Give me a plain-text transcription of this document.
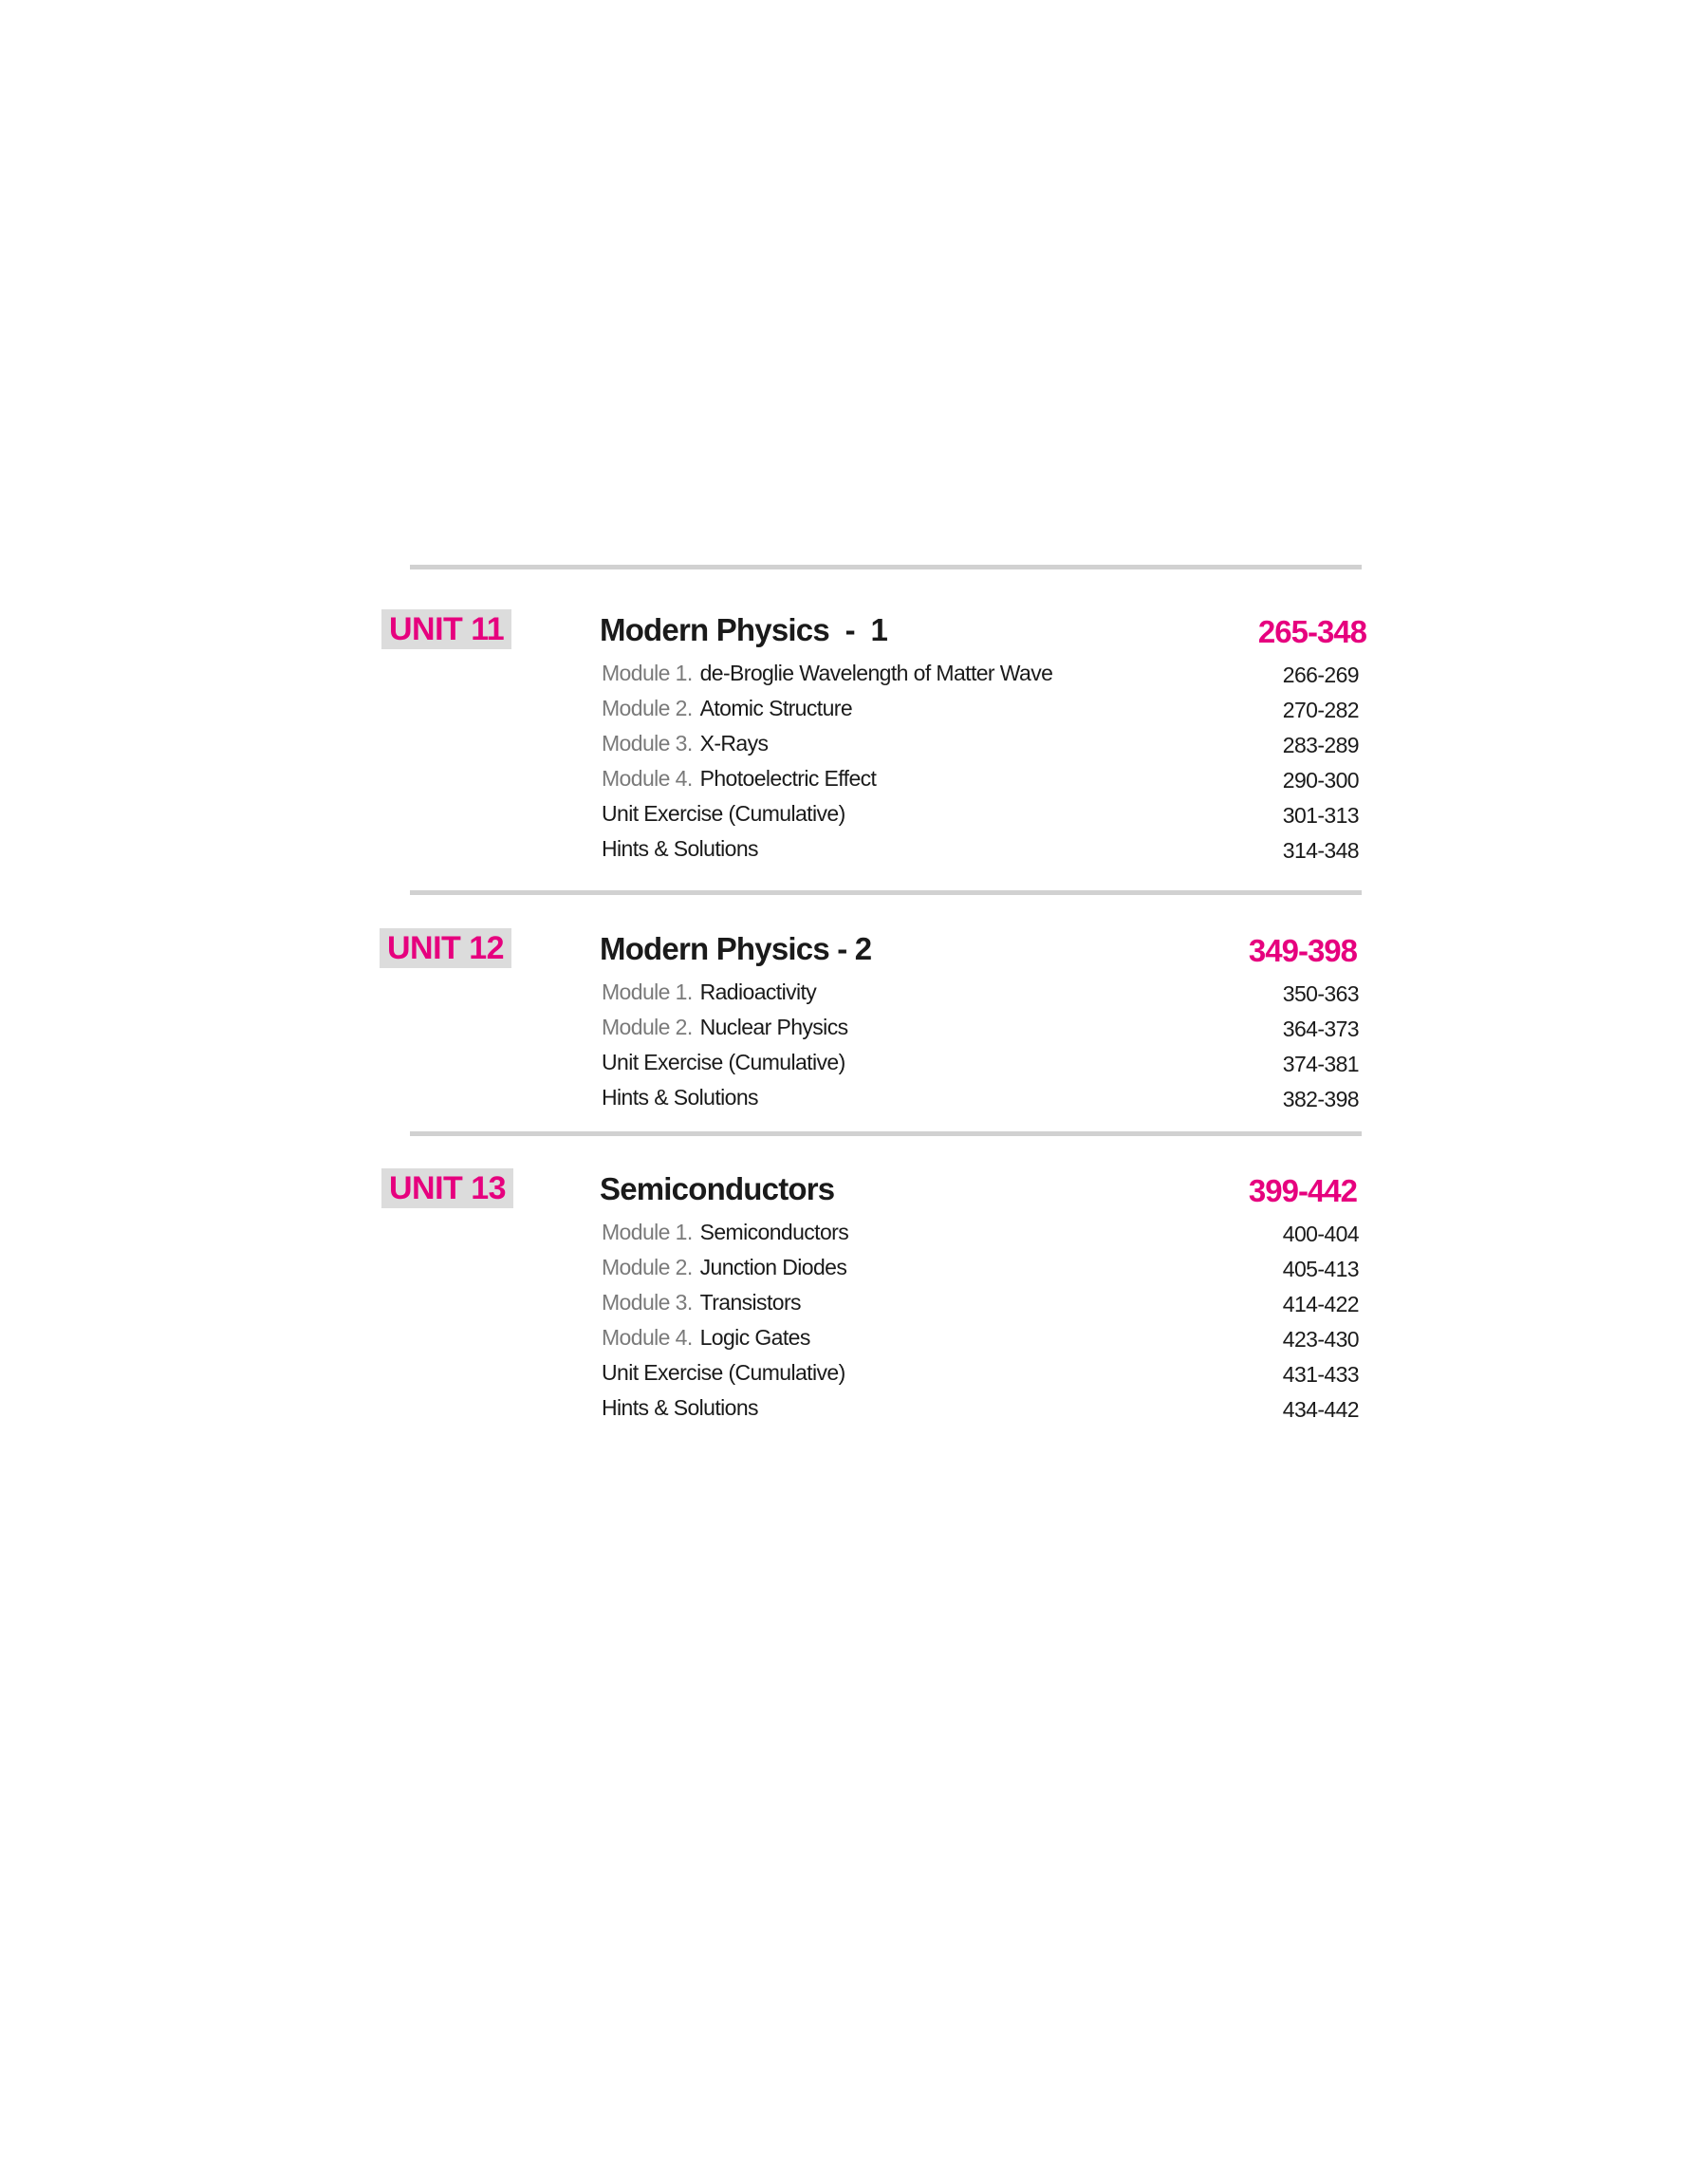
UNIT 11	Modern Physics  -  1	265-348
Module 1. de-Broglie Wavelength of Matter Wave	266-269
Module 2. Atomic Structure	270-282
Module 3. X-Rays	283-289
Module 4. Photoelectric Effect	290-300
Unit Exercise (Cumulative)	301-313
Hints & Solutions	314-348
UNIT 12	Modern Physics - 2	349-398
Module 1. Radioactivity	350-363
Module 2. Nuclear Physics	364-373
Unit Exercise (Cumulative)	374-381
Hints & Solutions	382-398
UNIT 13	Semiconductors	399-442
Module 1. Semiconductors	400-404
Module 2. Junction Diodes	405-413
Module 3. Transistors	414-422
Module 4. Logic Gates	423-430
Unit Exercise (Cumulative)	431-433
Hints & Solutions	434-442
